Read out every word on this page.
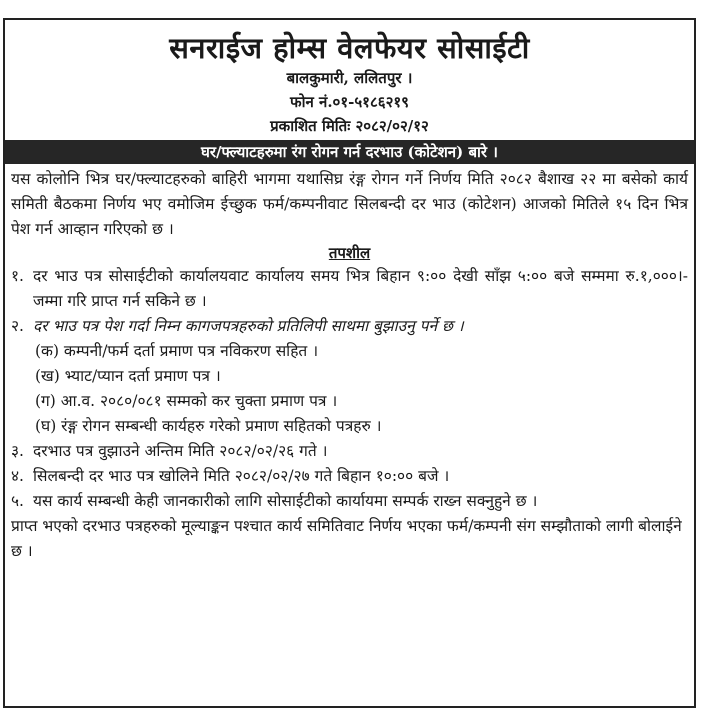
सनराईज होम्स वेलफेयर सोसाईटी
बालकुमारी, ललितपुर ।
फोन नं.०१-५१८६२१९
प्रकाशित मितिः २०८२/०२/१२
घर/फ्ल्याटहरुमा रंग रोगन गर्न दरभाउ (कोटेशन) बारे ।
यस कोलोनि भित्र घर/फ्ल्याटहरुको बाहिरी भागमा यथासिघ्र रंङ्ग रोगन गर्ने निर्णय मिति २०८२ बैशाख २२ मा बसेको कार्य समिती बैठकमा निर्णय भए वमोजिम ईच्छुक फर्म/कम्पनीवाट सिलबन्दी दर भाउ (कोटेशन) आजको मितिले १५ दिन भित्र पेश गर्न आव्हान गरिएको छ ।
तपशील
१. दर भाउ पत्र सोसाईटीको कार्यालयवाट कार्यालय समय भित्र बिहान ९:०० देखी साँझ ५:०० बजे सम्ममा रु.१,०००।- जम्मा गरि प्राप्त गर्न सकिने छ ।
२. दर भाउ पत्र पेश गर्दा निम्न कागजपत्रहरुको प्रतिलिपी साथमा बुझाउनु पर्ने छ ।
(क) कम्पनी/फर्म दर्ता प्रमाण पत्र नविकरण सहित ।
(ख) भ्याट/प्यान दर्ता प्रमाण पत्र ।
(ग) आ.व. २०८०/०८१ सम्मको कर चुक्ता प्रमाण पत्र ।
(घ) रंङ्ग रोगन सम्बन्धी कार्यहरु गरेको प्रमाण सहितको पत्रहरु ।
३. दरभाउ पत्र वुझाउने अन्तिम मिति २०८२/०२/२६ गते ।
४. सिलबन्दी दर भाउ पत्र खोलिने मिति २०८२/०२/२७ गते बिहान १०:०० बजे ।
५. यस कार्य सम्बन्धी केही जानकारीको लागि सोसाईटीको कार्यायमा सम्पर्क राख्न सक्नुहुने छ ।
प्राप्त भएको दरभाउ पत्रहरुको मूल्याङ्कन पश्चात कार्य समितिवाट निर्णय भएका फर्म/कम्पनी संग सम्झौताको लागी बोलाईने छ ।
